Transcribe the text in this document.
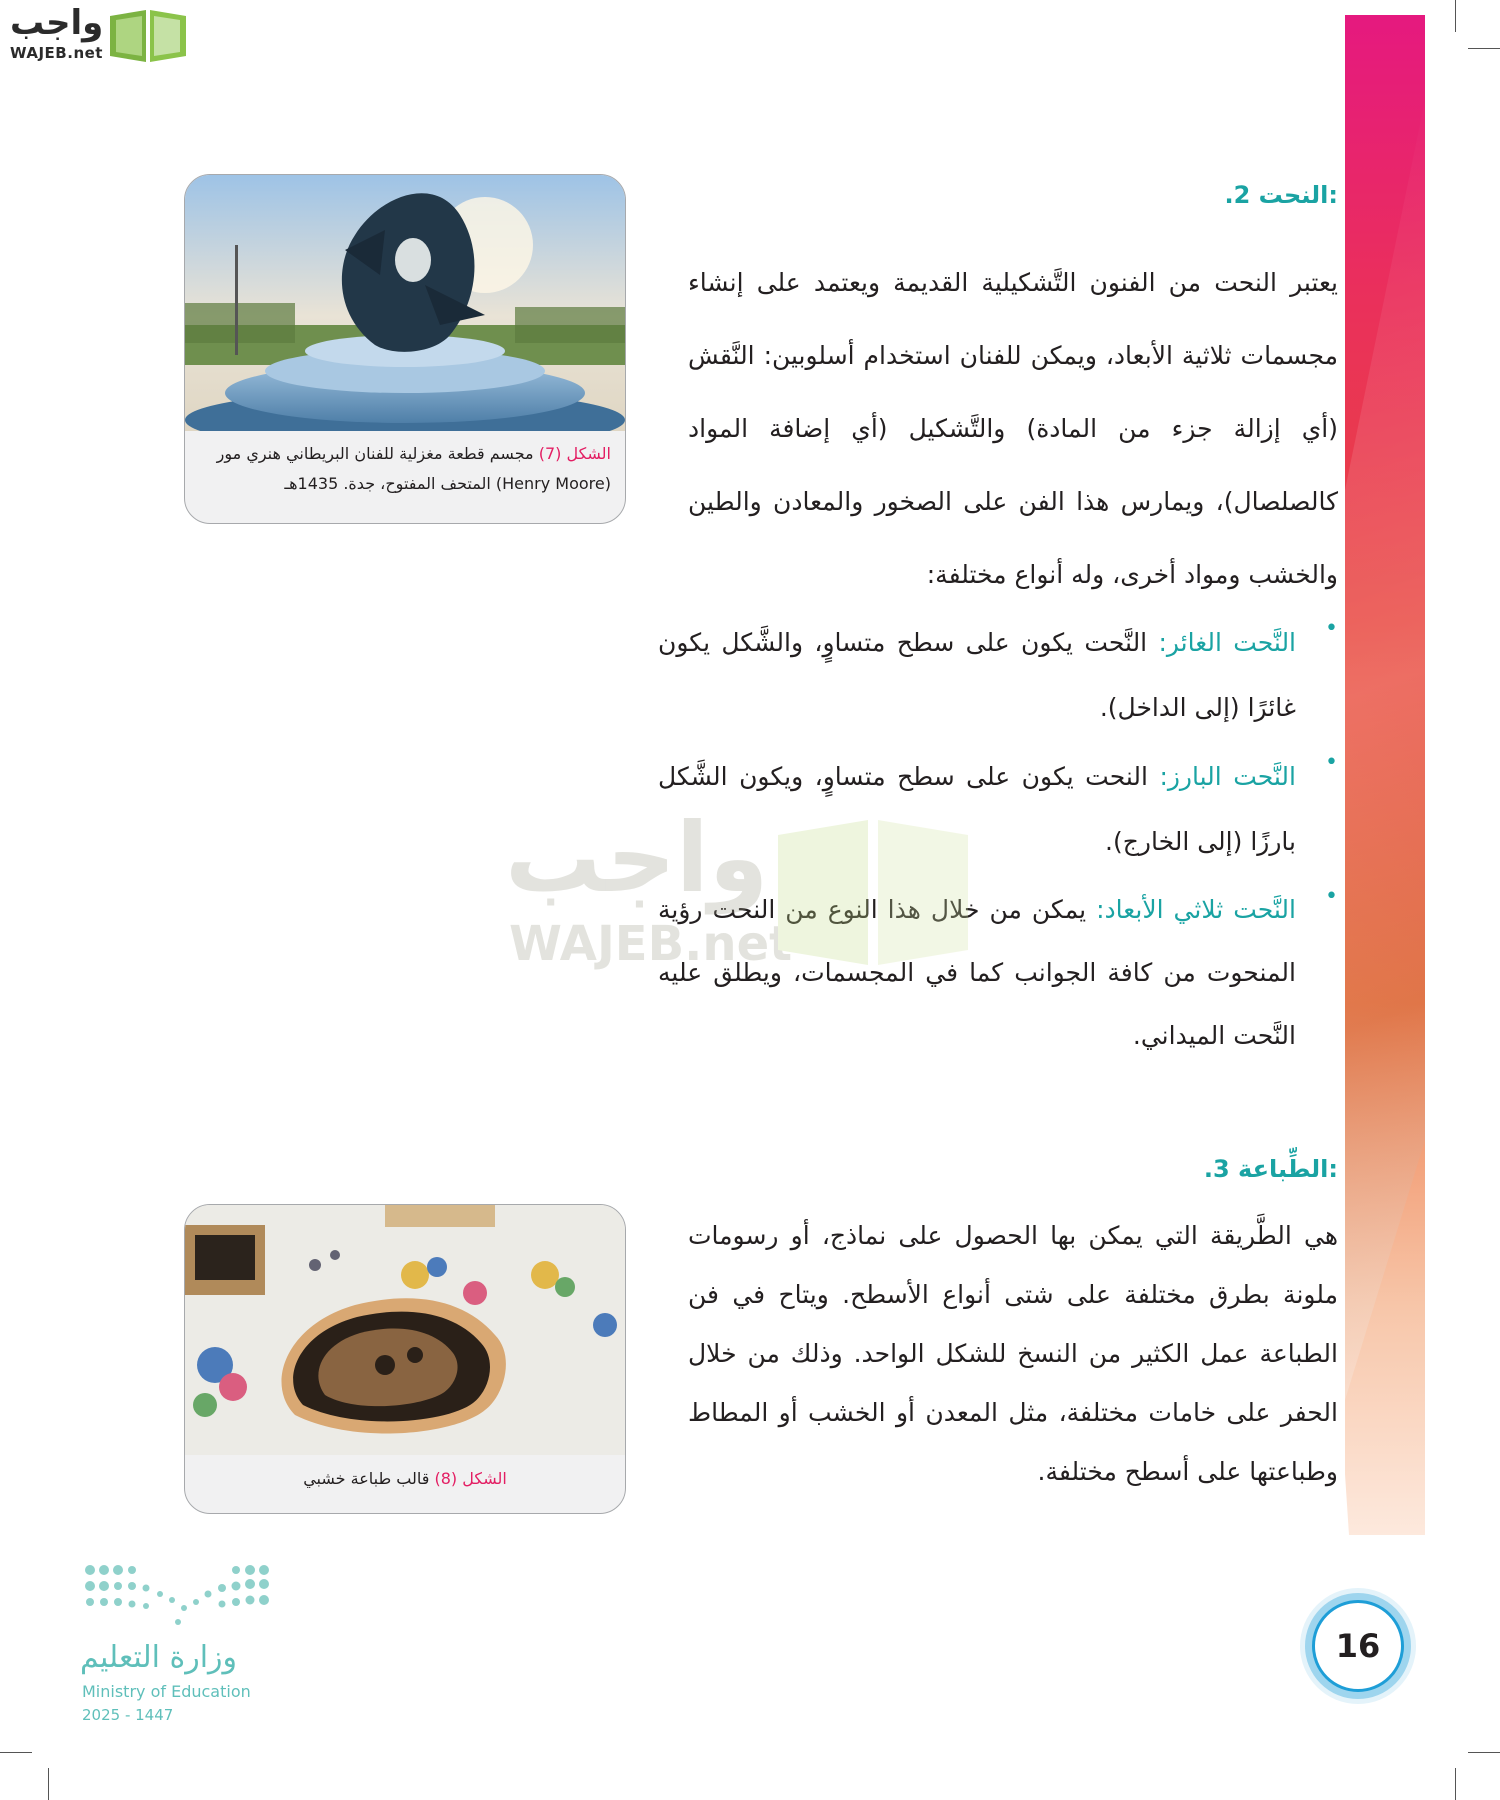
واجب
WAJEB.net
.2 النحت:
يعتبر النحت من الفنون التَّشكيلية القديمة ويعتمد على إنشاء مجسمات ثلاثية الأبعاد، ويمكن للفنان استخدام أسلوبين: النَّقش (أي إزالة جزء من المادة) والتَّشكيل (أي إضافة المواد كالصلصال)، ويمارس هذا الفن على الصخور والمعادن والطين والخشب ومواد أخرى، وله أنواع مختلفة:
•
النَّحت الغائر: النَّحت يكون على سطح متساوٍ، والشَّكل يكون غائرًا (إلى الداخل).
•
النَّحت البارز: النحت يكون على سطح متساوٍ، ويكون الشَّكل بارزًا (إلى الخارج).
•
النَّحت ثلاثي الأبعاد: يمكن من خلال هذا النوع من النحت رؤية المنحوت من كافة الجوانب كما في المجسمات، ويطلق عليه النَّحت الميداني.
.3 الطِّباعة:
هي الطَّريقة التي يمكن بها الحصول على نماذج، أو رسومات ملونة بطرق مختلفة على شتى أنواع الأسطح. ويتاح في فن الطباعة عمل الكثير من النسخ للشكل الواحد. وذلك من خلال الحفر على خامات مختلفة، مثل المعدن أو الخشب أو المطاط وطباعتها على أسطح مختلفة.
الشكل (7) مجسم قطعة مغزلية للفنان البريطاني هنري مور (Henry Moore) المتحف المفتوح، جدة. 1435هـ
الشكل (8) قالب طباعة خشبي
واجب
WAJEB.net
وزارة التعليم
Ministry of Education
2025 - 1447
16
